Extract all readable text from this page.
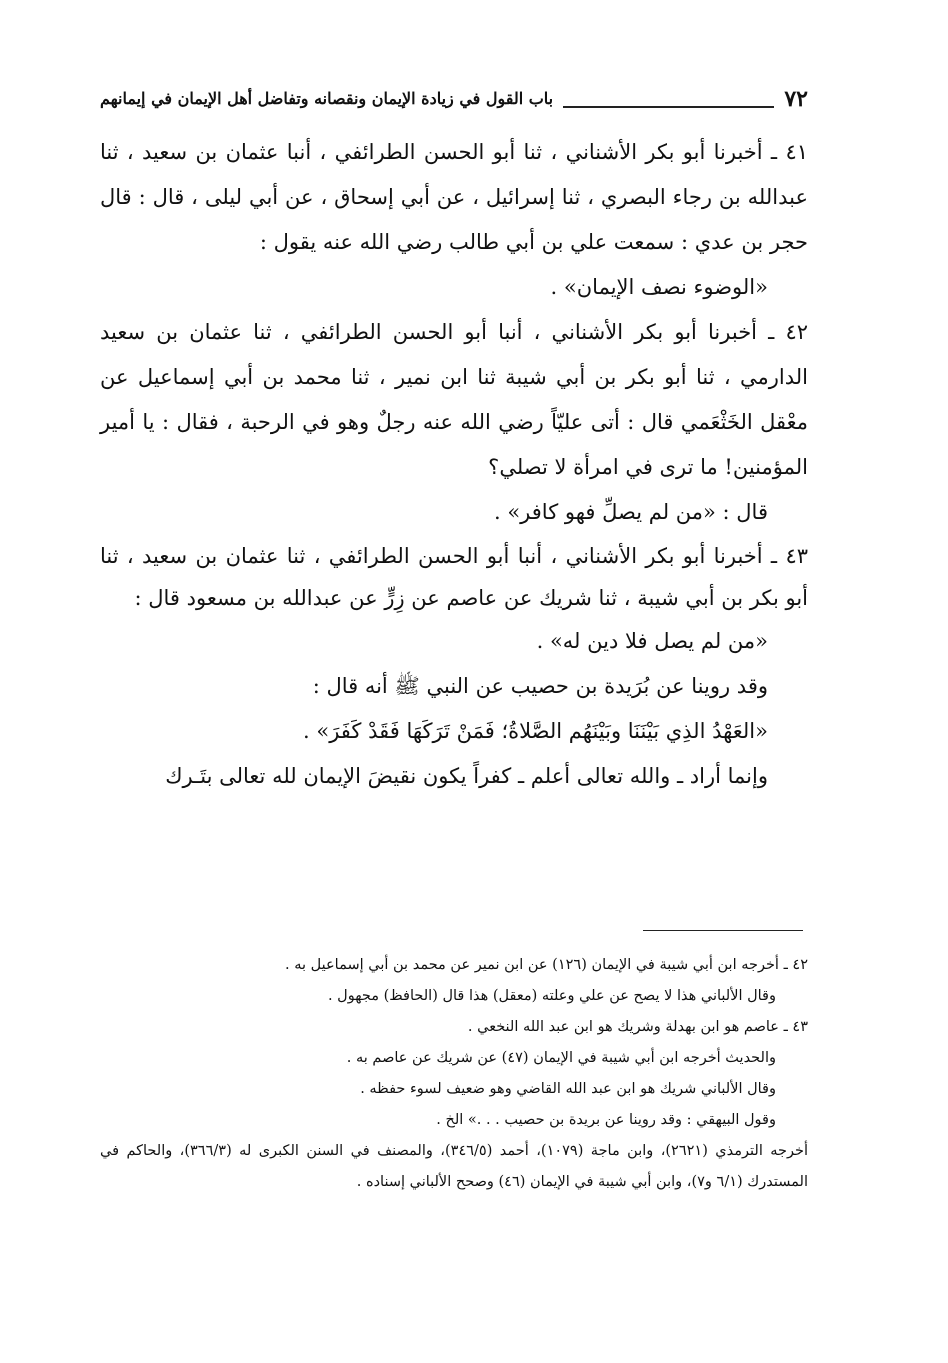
٧٢
باب القول في زيادة الإيمان ونقصانه وتفاضل أهل الإيمان في إيمانهم

٤١ ـ أخبرنا أبو بكر الأشناني ، ثنا أبو الحسن الطرائفي ، أنبا عثمان بن سعيد ، ثنا عبدالله بن رجاء البصري ، ثنا إسرائيل ، عن أبي إسحاق ، عن أبي ليلى ، قال : قال حجر بن عدي : سمعت علي بن أبي طالب رضي الله عنه يقول :

«الوضوء نصف الإيمان» .

٤٢ ـ أخبرنا أبو بكر الأشناني ، أنبا أبو الحسن الطرائفي ، ثنا عثمان بن سعيد الدارمي ، ثنا أبو بكر بن أبي شيبة ثنا ابن نمير ، ثنا محمد بن أبي إسماعيل عن معْقل الخَثْعَمي قال : أتى عليّاً رضي الله عنه رجلٌ وهو في الرحبة ، فقال : يا أمير المؤمنين! ما ترى في امرأة لا تصلي؟

قال : «من لم يصلِّ فهو كافر» .

٤٣ ـ أخبرنا أبو بكر الأشناني ، أنبا أبو الحسن الطرائفي ، ثنا عثمان بن سعيد ، ثنا أبو بكر بن أبي شيبة ، ثنا شريك عن عاصم عن زِرٍّ عن عبدالله بن مسعود قال :

«من لم يصل فلا دين له» .

وقد روينا عن بُرَيدة بن حصيب عن النبي ﷺ أنه قال :

«العَهْدُ الذِي بَيْنَنَا وبَيْنَهُم الصَّلاةُ؛ فَمَنْ تَرَكَهَا فَقَدْ كَفَرَ» .

وإنما أراد ـ والله تعالى أعلم ـ كفراً يكون نقيضَ الإيمان لله تعالى بتَـرك

٤٢ ـ أخرجه ابن أبي شيبة في الإيمان (١٢٦) عن ابن نمير عن محمد بن أبي إسماعيل به .

وقال الألباني هذا لا يصح عن علي وعلته (معقل) هذا قال (الحافظ) مجهول .

٤٣ ـ عاصم هو ابن بهدلة وشريك هو ابن عبد الله النخعي .

والحديث أخرجه ابن أبي شيبة في الإيمان (٤٧) عن شريك عن عاصم به .

وقال الألباني شريك هو ابن عبد الله القاضي وهو ضعيف لسوء حفظه .

وقول البيهقي : وقد روينا عن بريدة بن حصيب . . .» الخ .

أخرجه الترمذي (٢٦٢١)، وابن ماجة (١٠٧٩)، أحمد (٣٤٦/٥)، والمصنف في السنن الكبرى له (٣٦٦/٣)، والحاكم في المستدرك (٦/١ و٧)، وابن أبي شيبة في الإيمان (٤٦) وصحح الألباني إسناده .
